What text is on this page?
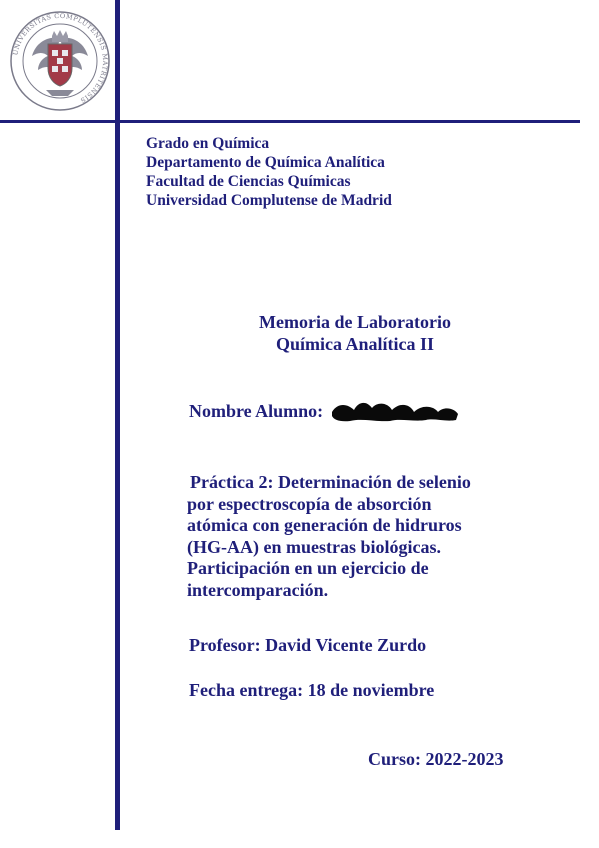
UNIVERSITAS COMPLUTENSIS MATRITENSIS
Grado en Química
Departamento de Química Analítica
Facultad de Ciencias Químicas
Universidad Complutense de Madrid
Memoria de Laboratorio
Química Analítica II
Nombre Alumno:
Práctica 2: Determinación de selenio
por espectroscopía de absorción
atómica con generación de hidruros
(HG-AA) en muestras biológicas.
Participación en un ejercicio de
intercomparación.
Profesor: David Vicente Zurdo
Fecha entrega: 18 de noviembre
Curso: 2022-2023
